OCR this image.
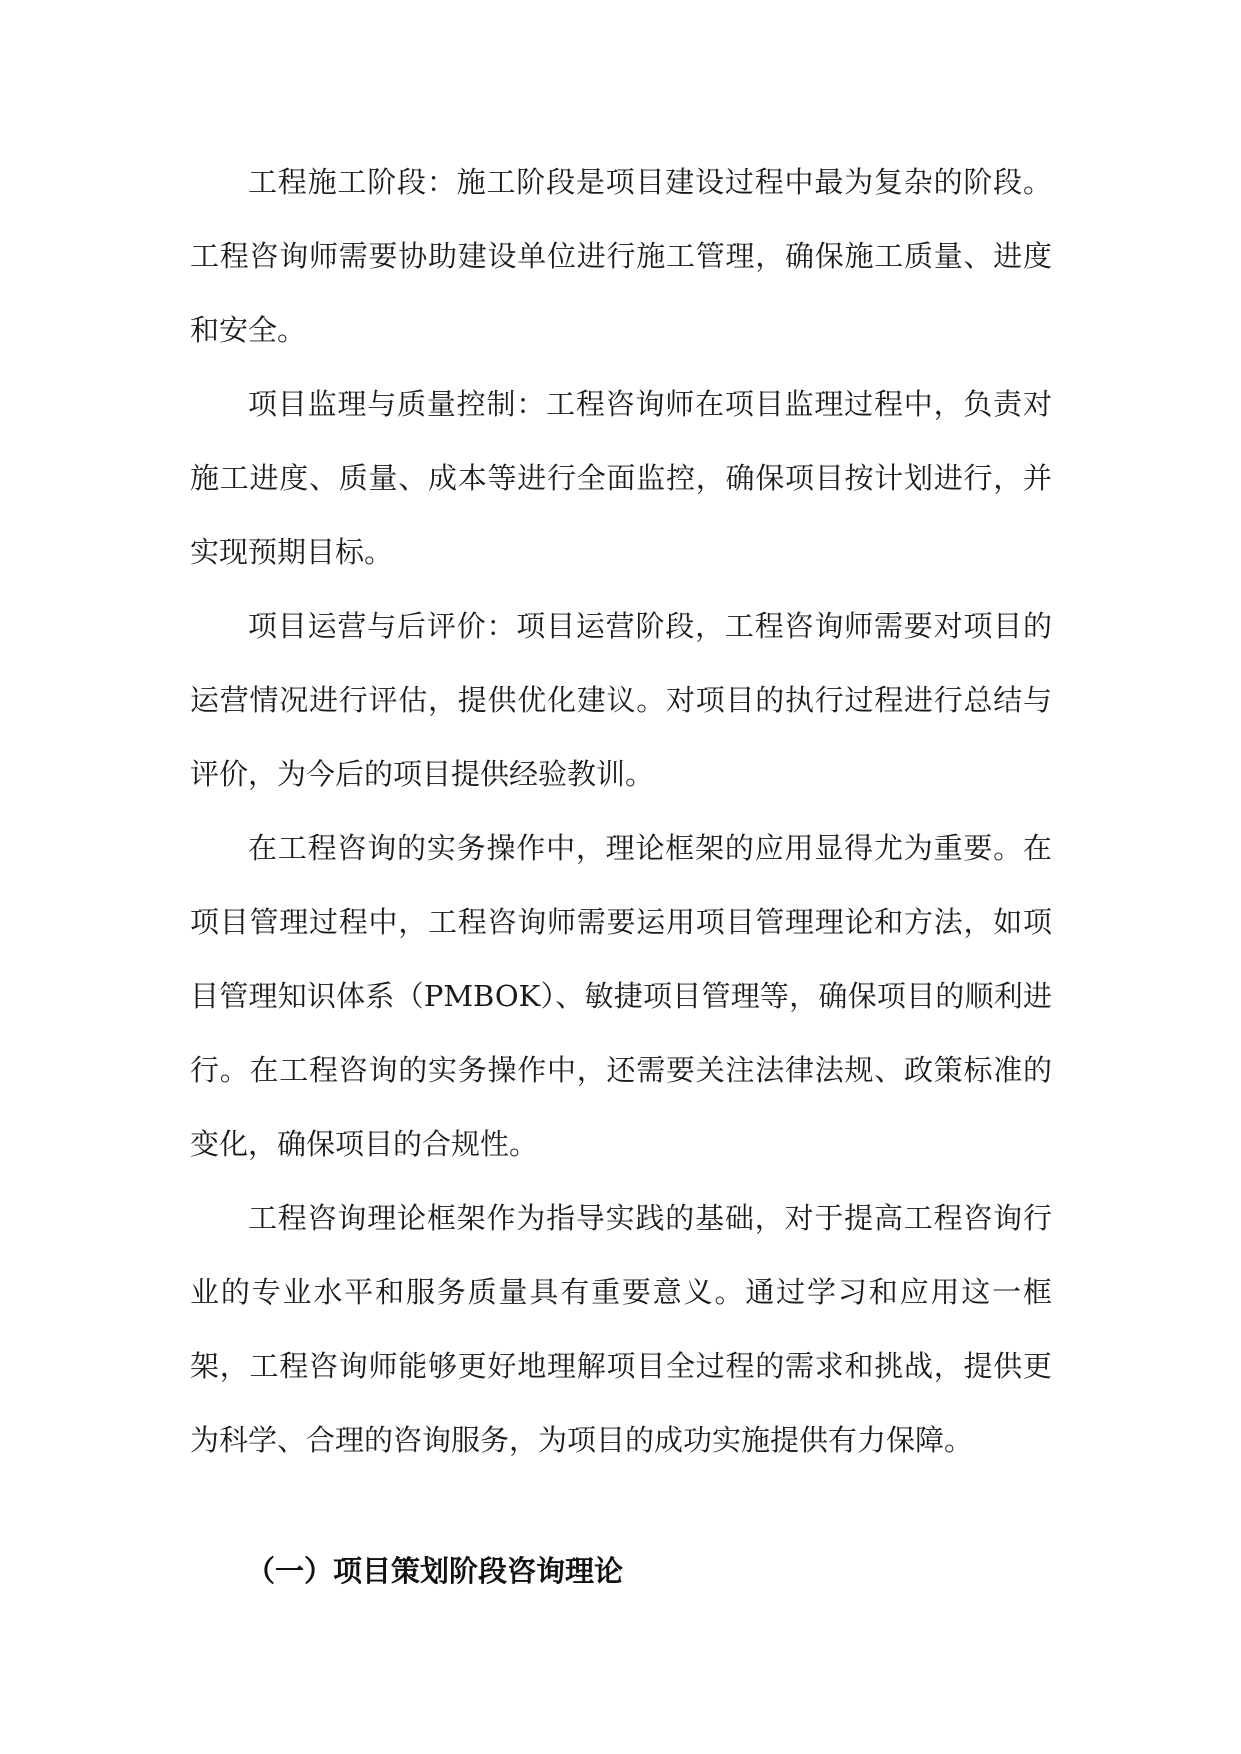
工程施工阶段：施工阶段是项目建设过程中最为复杂的阶段。工程咨询师需要协助建设单位进行施工管理，确保施工质量、进度和安全。

项目监理与质量控制：工程咨询师在项目监理过程中，负责对施工进度、质量、成本等进行全面监控，确保项目按计划进行，并实现预期目标。

项目运营与后评价：项目运营阶段，工程咨询师需要对项目的运营情况进行评估，提供优化建议。对项目的执行过程进行总结与评价，为今后的项目提供经验教训。

在工程咨询的实务操作中，理论框架的应用显得尤为重要。在项目管理过程中，工程咨询师需要运用项目管理理论和方法，如项目管理知识体系（PMBOK）、敏捷项目管理等，确保项目的顺利进行。在工程咨询的实务操作中，还需要关注法律法规、政策标准的变化，确保项目的合规性。

工程咨询理论框架作为指导实践的基础，对于提高工程咨询行业的专业水平和服务质量具有重要意义。通过学习和应用这一框架，工程咨询师能够更好地理解项目全过程的需求和挑战，提供更为科学、合理的咨询服务，为项目的成功实施提供有力保障。

（一）项目策划阶段咨询理论
